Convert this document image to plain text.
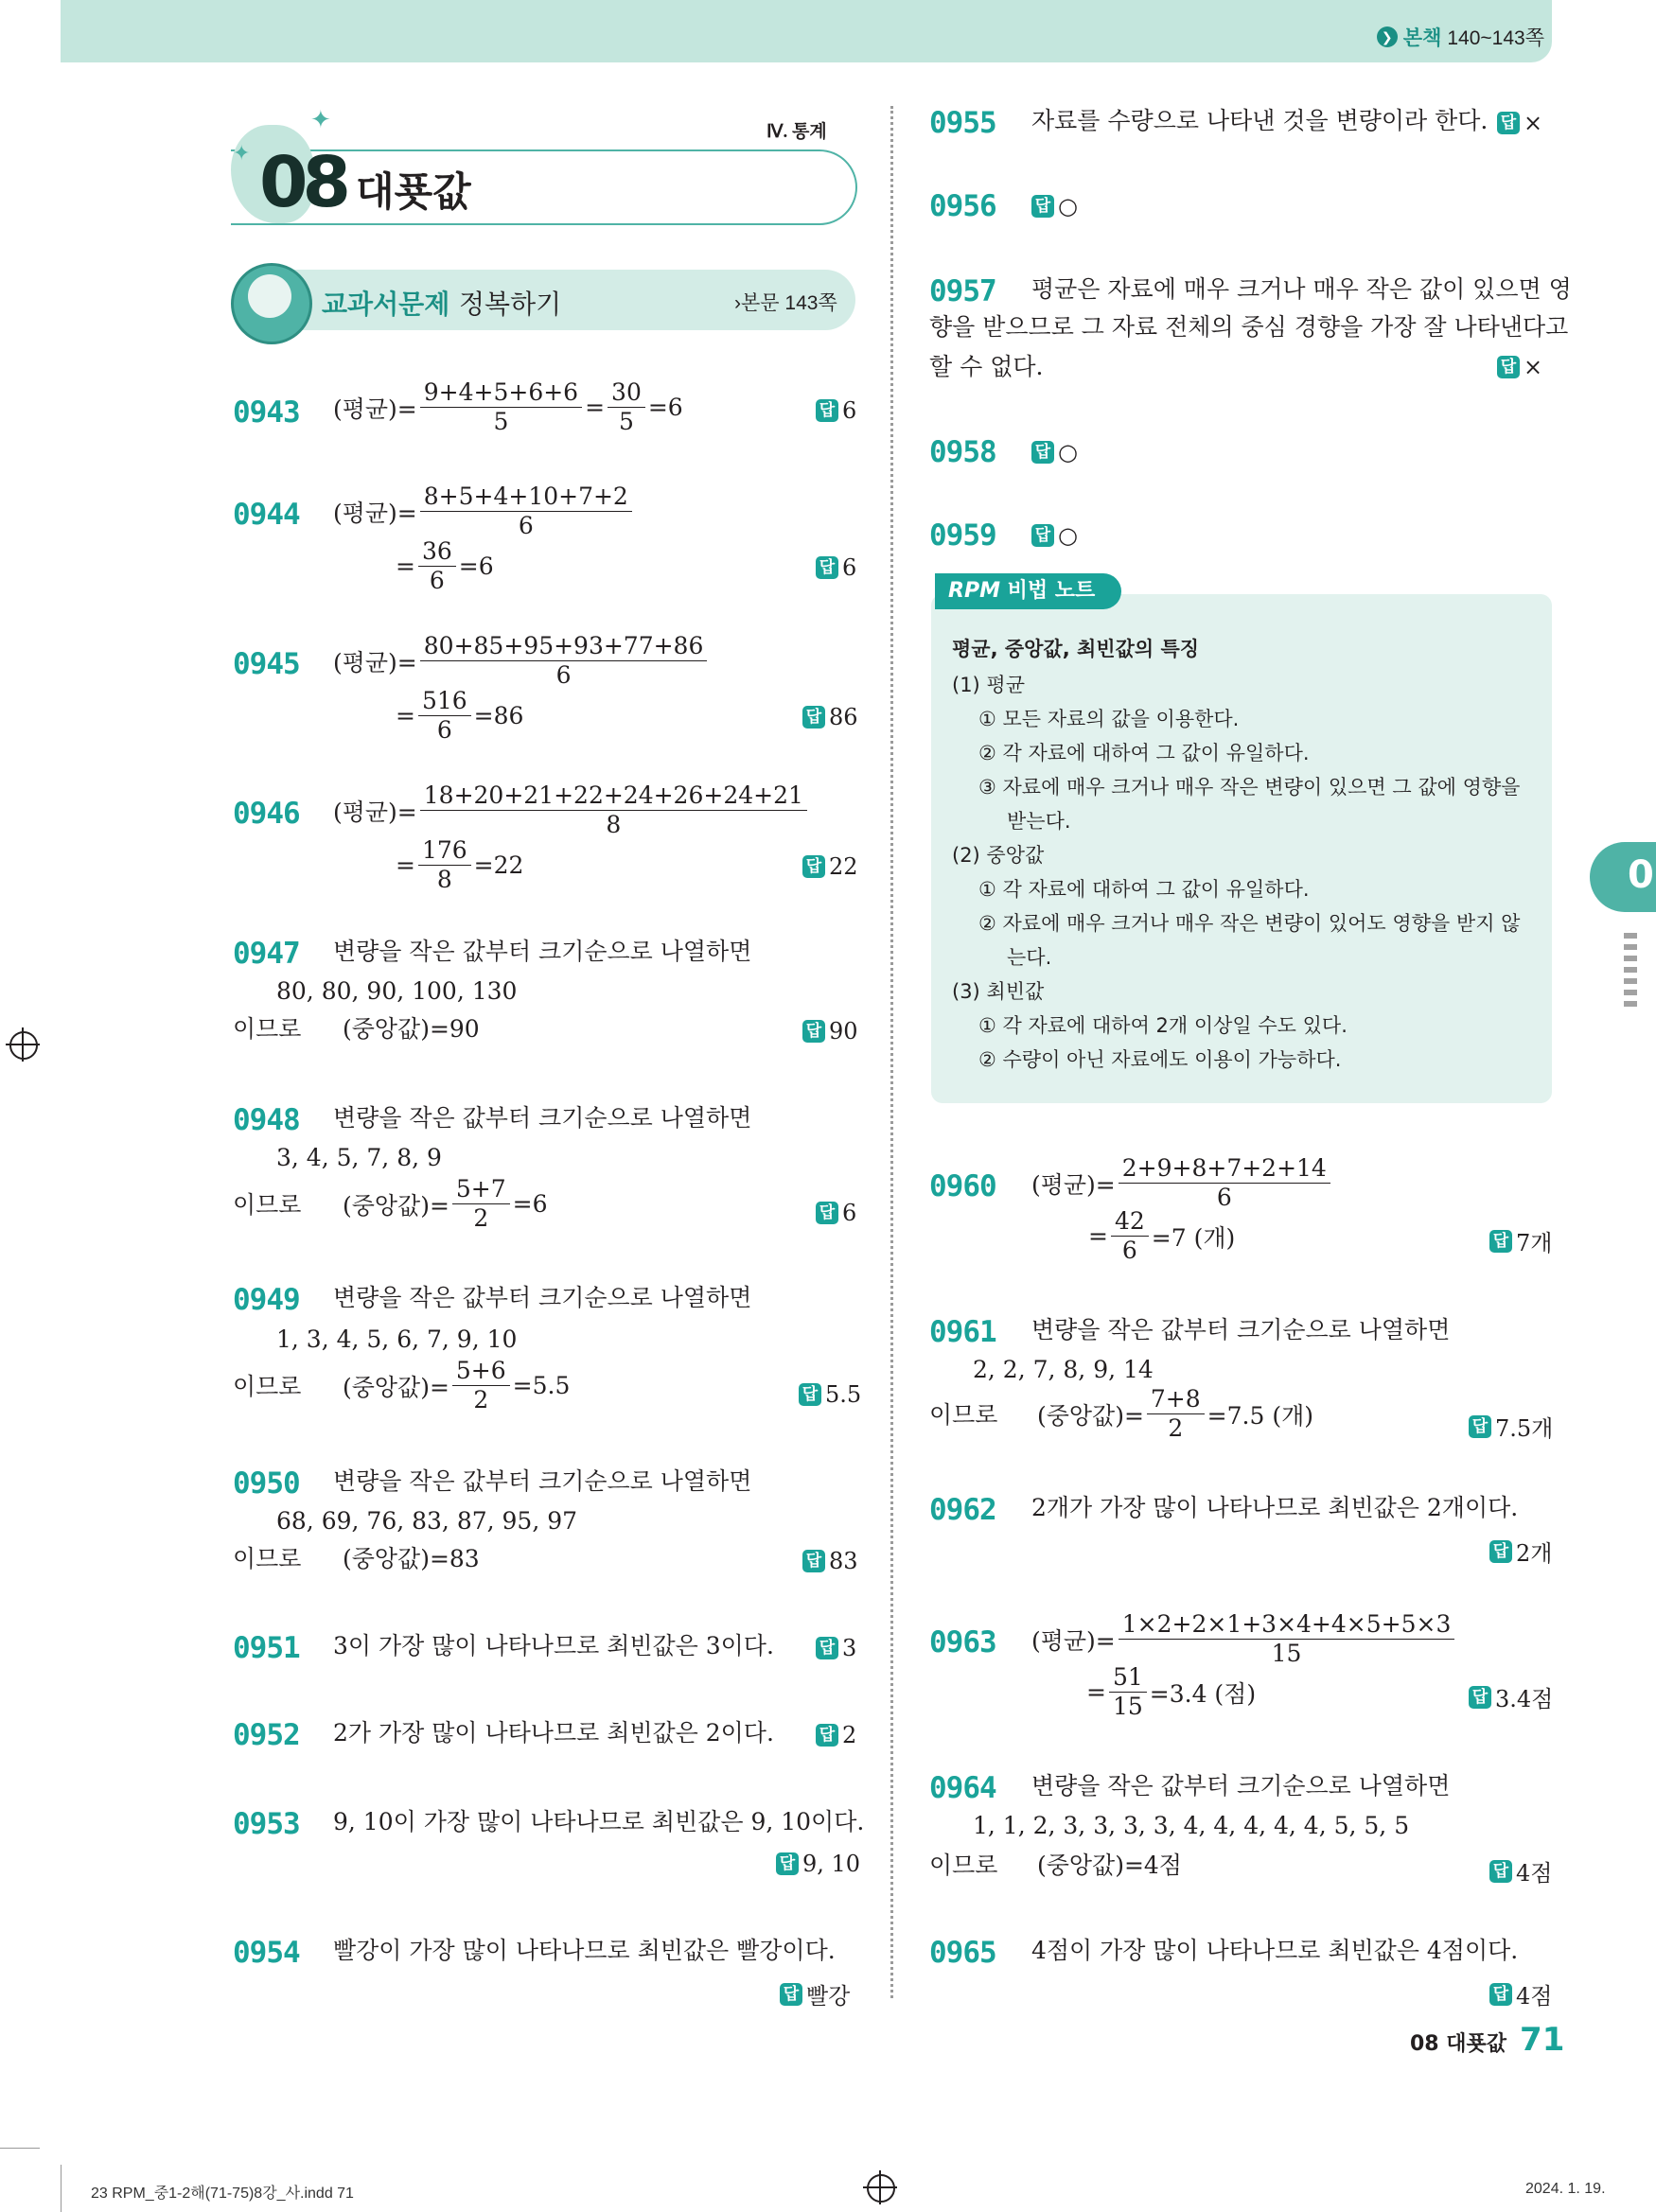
❯ 본책 140~143쪽
Ⅳ. 통계
✦
✦ 08 대푯값
교과서문제 정복하기	›본문 143쪽
0943 (평균)= $\frac{9+4+5+6+6}{5} = \frac{30}{5} =6$	답 6
0944 (평균)= $\frac{8+5+4+10+7+2}{6}$
= $\frac{36}{6} =6$	답 6
0945 (평균)= $\frac{80+85+95+93+77+86}{6}$
= $\frac{516}{6} =86$	답 86
0946 (평균)= $\frac{18+20+21+22+24+26+24+21}{8}$
= $\frac{176}{8} =22$	답 22
0947 변량을 작은 값부터 크기순으로 나열하면
80, 80, 90, 100, 130
이므로 (중앙값)=90	답 90
0948 변량을 작은 값부터 크기순으로 나열하면
3, 4, 5, 7, 8, 9
이므로 (중앙값)= $\frac{5+7}{2} =6$	답 6
0949 변량을 작은 값부터 크기순으로 나열하면
1, 3, 4, 5, 6, 7, 9, 10
이므로 (중앙값)= $\frac{5+6}{2} =5.5$	답 5.5
0950 변량을 작은 값부터 크기순으로 나열하면
68, 69, 76, 83, 87, 95, 97
이므로 (중앙값)=83	답 83
0951 3이 가장 많이 나타나므로 최빈값은 3이다.	답 3
0952 2가 가장 많이 나타나므로 최빈값은 2이다.	답 2
0953 9, 10이 가장 많이 나타나므로 최빈값은 9, 10이다.
답 9, 10
0954 빨강이 가장 많이 나타나므로 최빈값은 빨강이다.
답 빨강
0955 자료를 수량으로 나타낸 것을 변량이라 한다. 답 ×
0956 답 ○
0957 평균은 자료에 매우 크거나 매우 작은 값이 있으면 영
향을 받으므로 그 자료 전체의 중심 경향을 가장 잘 나타낸다고
할 수 없다.	답 ×
0958 답 ○
0959 답 ○
RPM 비법 노트
평균, 중앙값, 최빈값의 특징
(1) 평균
① 모든 자료의 값을 이용한다.
② 각 자료에 대하여 그 값이 유일하다.
③ 자료에 매우 크거나 매우 작은 변량이 있으면 그 값에 영향을
받는다.
(2) 중앙값
① 각 자료에 대하여 그 값이 유일하다.
② 자료에 매우 크거나 매우 작은 변량이 있어도 영향을 받지 않
는다.
(3) 최빈값
① 각 자료에 대하여 2개 이상일 수도 있다.
② 수량이 아닌 자료에도 이용이 가능하다.
0960 (평균)= $\frac{2+9+8+7+2+14}{6}$
= $\frac{42}{6} =7$ (개)	답 7개
0961 변량을 작은 값부터 크기순으로 나열하면
2, 2, 7, 8, 9, 14
이므로 (중앙값)= $\frac{7+8}{2} =7.5$ (개)	답 7.5개
0962 2개가 가장 많이 나타나므로 최빈값은 2개이다.
답 2개
0963 (평균)= $\frac{1\times 2+2\times 1+3\times 4+4\times 5+5\times 3}{15}$
= $\frac{51}{15} =3.4$ (점)	답 3.4점
0964 변량을 작은 값부터 크기순으로 나열하면
1, 1, 2, 3, 3, 3, 3, 4, 4, 4, 4, 4, 5, 5, 5
이므로 (중앙값)=4점	답 4점
0965 4점이 가장 많이 나타나므로 최빈값은 4점이다.
답 4점
0
08 대푯값 71
23 RPM_중1-2해(71-75)8강_사.indd 71	2024. 1. 19.
